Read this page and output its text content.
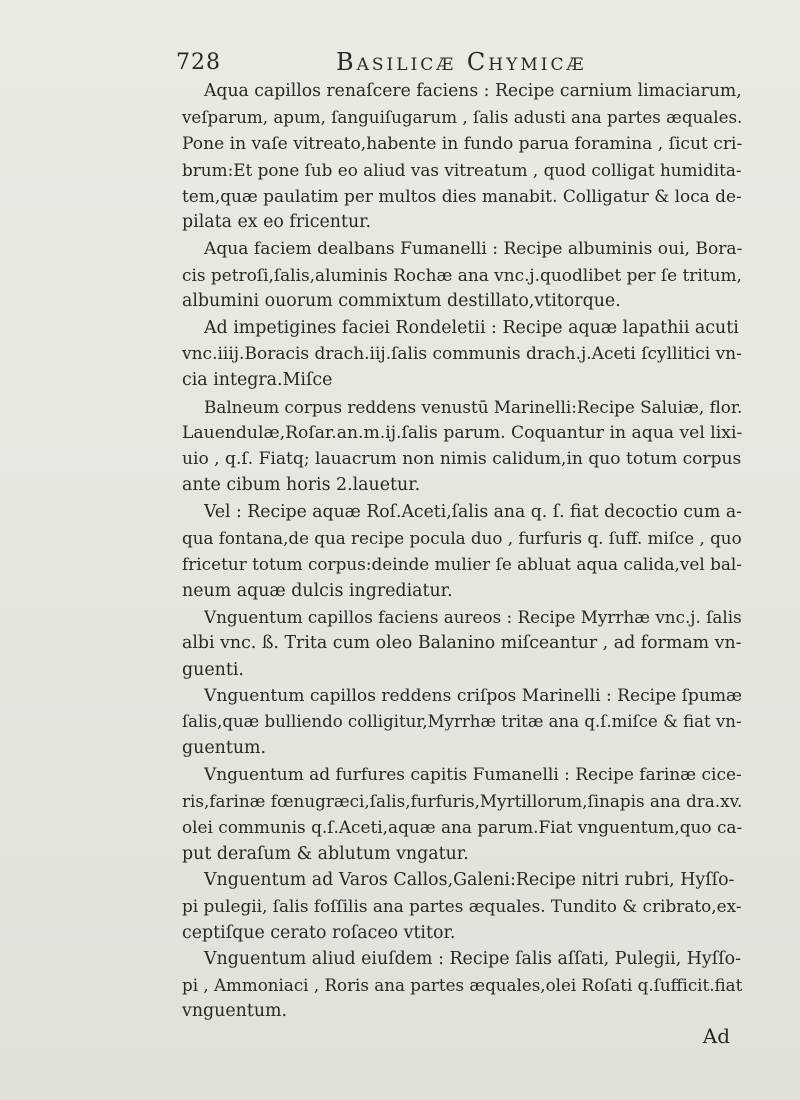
728	Basilicæ Chymicæ

Aqua capillos renaſcere faciens : Recipe carnium limaciarum,
veſparum, apum, ſanguiſugarum , ſalis adusti ana partes æquales.
Pone in vaſe vitreato,habente in fundo parua foramina , ſicut cri-
brum:Et pone ſub eo aliud vas vitreatum , quod colligat humidita-
tem,quæ paulatim per multos dies manabit. Colligatur & loca de-
pilata ex eo fricentur.

Aqua faciem dealbans Fumanelli : Recipe albuminis oui, Bora-
cis petroſi,ſalis,aluminis Rochæ ana vnc.j.quodlibet per ſe tritum,
albumini ouorum commixtum destillato,vtitorque.

Ad impetigines faciei Rondeletii : Recipe aquæ lapathii acuti
vnc.iiij.Boracis drach.iij.ſalis communis drach.j.Aceti ſcyllitici vn-
cia integra.Miſce

Balneum corpus reddens venustū Marinelli:Recipe Saluiæ, flor.
Lauendulæ,Roſar.an.m.ij.ſalis parum. Coquantur in aqua vel lixi-
uio , q.ſ. Fiatq; lauacrum non nimis calidum,in quo totum corpus
ante cibum horis 2.lauetur.

Vel : Recipe aquæ Roſ.Aceti,ſalis ana q. ſ. fiat decoctio cum a-
qua fontana,de qua recipe pocula duo , furfuris q. ſuff. miſce , quo
fricetur totum corpus:deinde mulier ſe abluat aqua calida,vel bal-
neum aquæ dulcis ingrediatur.

Vnguentum capillos faciens aureos : Recipe Myrrhæ vnc.j. ſalis
albi vnc. ß. Trita cum oleo Balanino miſceantur , ad formam vn-
guenti.

Vnguentum capillos reddens criſpos Marinelli : Recipe ſpumæ
ſalis,quæ bulliendo colligitur,Myrrhæ tritæ ana q.ſ.miſce & fiat vn-
guentum.

Vnguentum ad furfures capitis Fumanelli : Recipe farinæ cice-
ris,farinæ fœnugræci,ſalis,furfuris,Myrtillorum,ſinapis ana dra.xv.
olei communis q.ſ.Aceti,aquæ ana parum.Fiat vnguentum,quo ca-
put deraſum & ablutum vngatur.

Vnguentum ad Varos Callos,Galeni:Recipe nitri rubri, Hyſſo-
pi pulegii, ſalis foſſilis ana partes æquales. Tundito & cribrato,ex-
ceptiſque cerato roſaceo vtitor.

Vnguentum aliud eiuſdem : Recipe ſalis aſſati, Pulegii, Hyſſo-
pi , Ammoniaci , Roris ana partes æquales,olei Roſati q.ſufficit.fiat
vnguentum.

Ad
